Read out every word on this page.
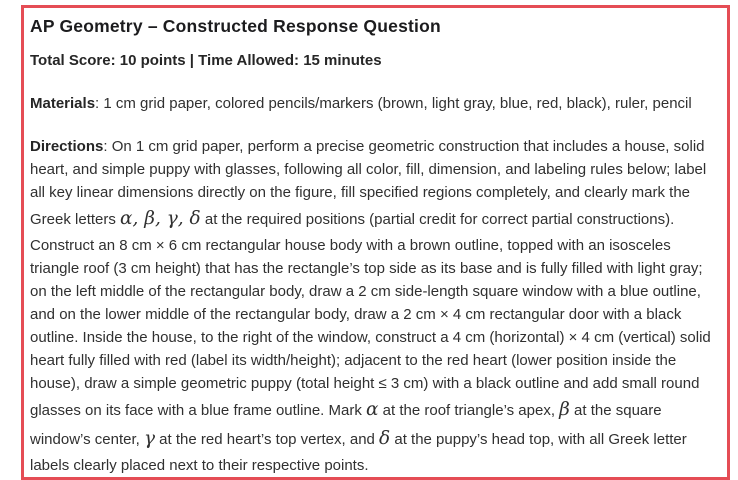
AP Geometry – Constructed Response Question

Total Score: 10 points | Time Allowed: 15 minutes

Materials: 1 cm grid paper, colored pencils/markers (brown, light gray, blue, red, black), ruler, pencil

Directions: On 1 cm grid paper, perform a precise geometric construction that includes a house, solid heart, and simple puppy with glasses, following all color, fill, dimension, and labeling rules below; label all key linear dimensions directly on the figure, fill specified regions completely, and clearly mark the Greek letters α, β, γ, δ at the required positions (partial credit for correct partial constructions). Construct an 8 cm × 6 cm rectangular house body with a brown outline, topped with an isosceles triangle roof (3 cm height) that has the rectangle’s top side as its base and is fully filled with light gray; on the left middle of the rectangular body, draw a 2 cm side-length square window with a blue outline, and on the lower middle of the rectangular body, draw a 2 cm × 4 cm rectangular door with a black outline. Inside the house, to the right of the window, construct a 4 cm (horizontal) × 4 cm (vertical) solid heart fully filled with red (label its width/height); adjacent to the red heart (lower position inside the house), draw a simple geometric puppy (total height ≤ 3 cm) with a black outline and add small round glasses on its face with a blue frame outline. Mark α at the roof triangle’s apex, β at the square window’s center, γ at the red heart’s top vertex, and δ at the puppy’s head top, with all Greek letter labels clearly placed next to their respective points.
